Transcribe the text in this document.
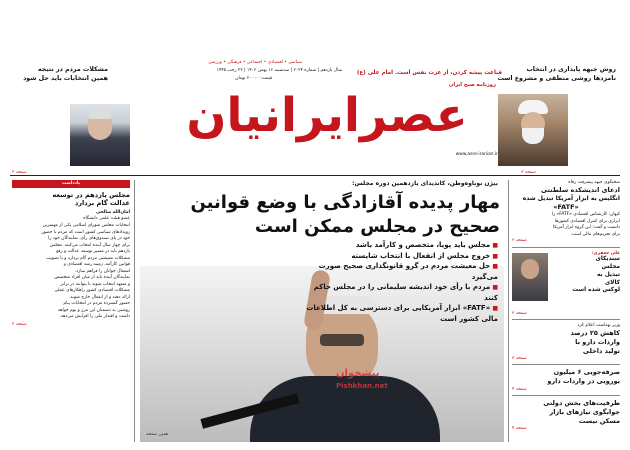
مشکلات مردم در نتیجه
همین انتخابات باید حل شود
صفحه ۲
سیاسی • اقتصادی • اجتماعی • فرهنگی • ورزشی
سال یازدهم | شماره ۲۰۲۴ | سه‌شنبه ۱۶ بهمن ۱۴۰۲ | ۲۲ رجب ۱۴۴۵
قیمت: ۲۰۰۰۰ تومان
قناعت پیشه کردن، از عزت نفس است. امام علی (ع)
عصرایرانیان
روزنامه صبح ایران
www.asre-iranian.ir
روش جبهه پایداری در انتخاب
نامزدها روشی منطقی و مشروع است
صفحه ۳
یادداشت
مجلس یازدهم در توسعه
عدالت گام بردارد
امان‌الله صالحی
عضو هیئت علمی دانشگاه

انتخابات مجلس شورای اسلامی یکی از مهمترین

رویدادهای سیاسی کشور است که مردم با حضور

خود در پای صندوق‌های رأی، نمایندگان خود را

برای چهار سال آینده انتخاب می‌کنند. مجلس

یازدهم باید در مسیر توسعه عدالت و رفع

مشکلات معیشتی مردم گام بردارد و با تصویب

قوانین کارآمد، زمینه رشد اقتصادی و

اشتغال جوانان را فراهم سازد.

نمایندگان آینده باید از میان افراد متخصص

و متعهد انتخاب شوند تا بتوانند در برابر

مشکلات اقتصادی کشور راهکارهای عملی

ارائه دهند و از انفعال خارج شوند.

حضور گسترده مردم در انتخابات پیام

روشنی به دشمنان این مرز و بوم خواهد

داشت و اقتدار ملی را افزایش می‌دهد.

صفحه ۲
بیژن نوباوه‌وطن، کاندیدای یازدهمین دوره مجلس:
مهار پدیده آقازادگی با وضع قوانین
صحیح در مجلس ممکن است
■ مجلس باید پویا، متخصص و کارآمد باشد
■ خروج مجلس از انفعال با انتخاب شایسته
■ حل معیشت مردم در گرو قانونگذاری صحیح صورت می‌گیرد
■ مردم با رأی خود اندیشه سلیمانی را در مجلس حاکم کنند
■ «FATF» ابزار آمریکایی برای دسترسی به کل اطلاعات مالی کشور است
پیشخوان
Pishkhan.net
همین صفحه
سخنگوی جبهه پیشرفت رفاه
ادعای اندیشکده سلطنتی
انگلیس به ابزار آمریکا تبدیل شده
«FATF»

کیهان: کارشناس اقتصادی «FATF» را

ابزاری برای کنترل اقتصادی کشورها

دانست و گفت: این گروه ابزار آمریکا

برای تحریم‌های مالی است.

صفحه ۳
علی جعفری:
سندیکای
مجلس
تبدیل به
کالای
لوکس شده است
صفحه ۳
وزیر بهداشت اعلام کرد
کاهش ۲۵ درصد
واردات دارو با
تولید داخلی
صفحه ۳
صرفه‌جویی ۶ میلیون
یورویی در واردات دارو
صفحه ۴
ظرفیت‌های بخش دولتی
جوابگوی نیازهای بازار
مسکن نیست
صفحه ۴
